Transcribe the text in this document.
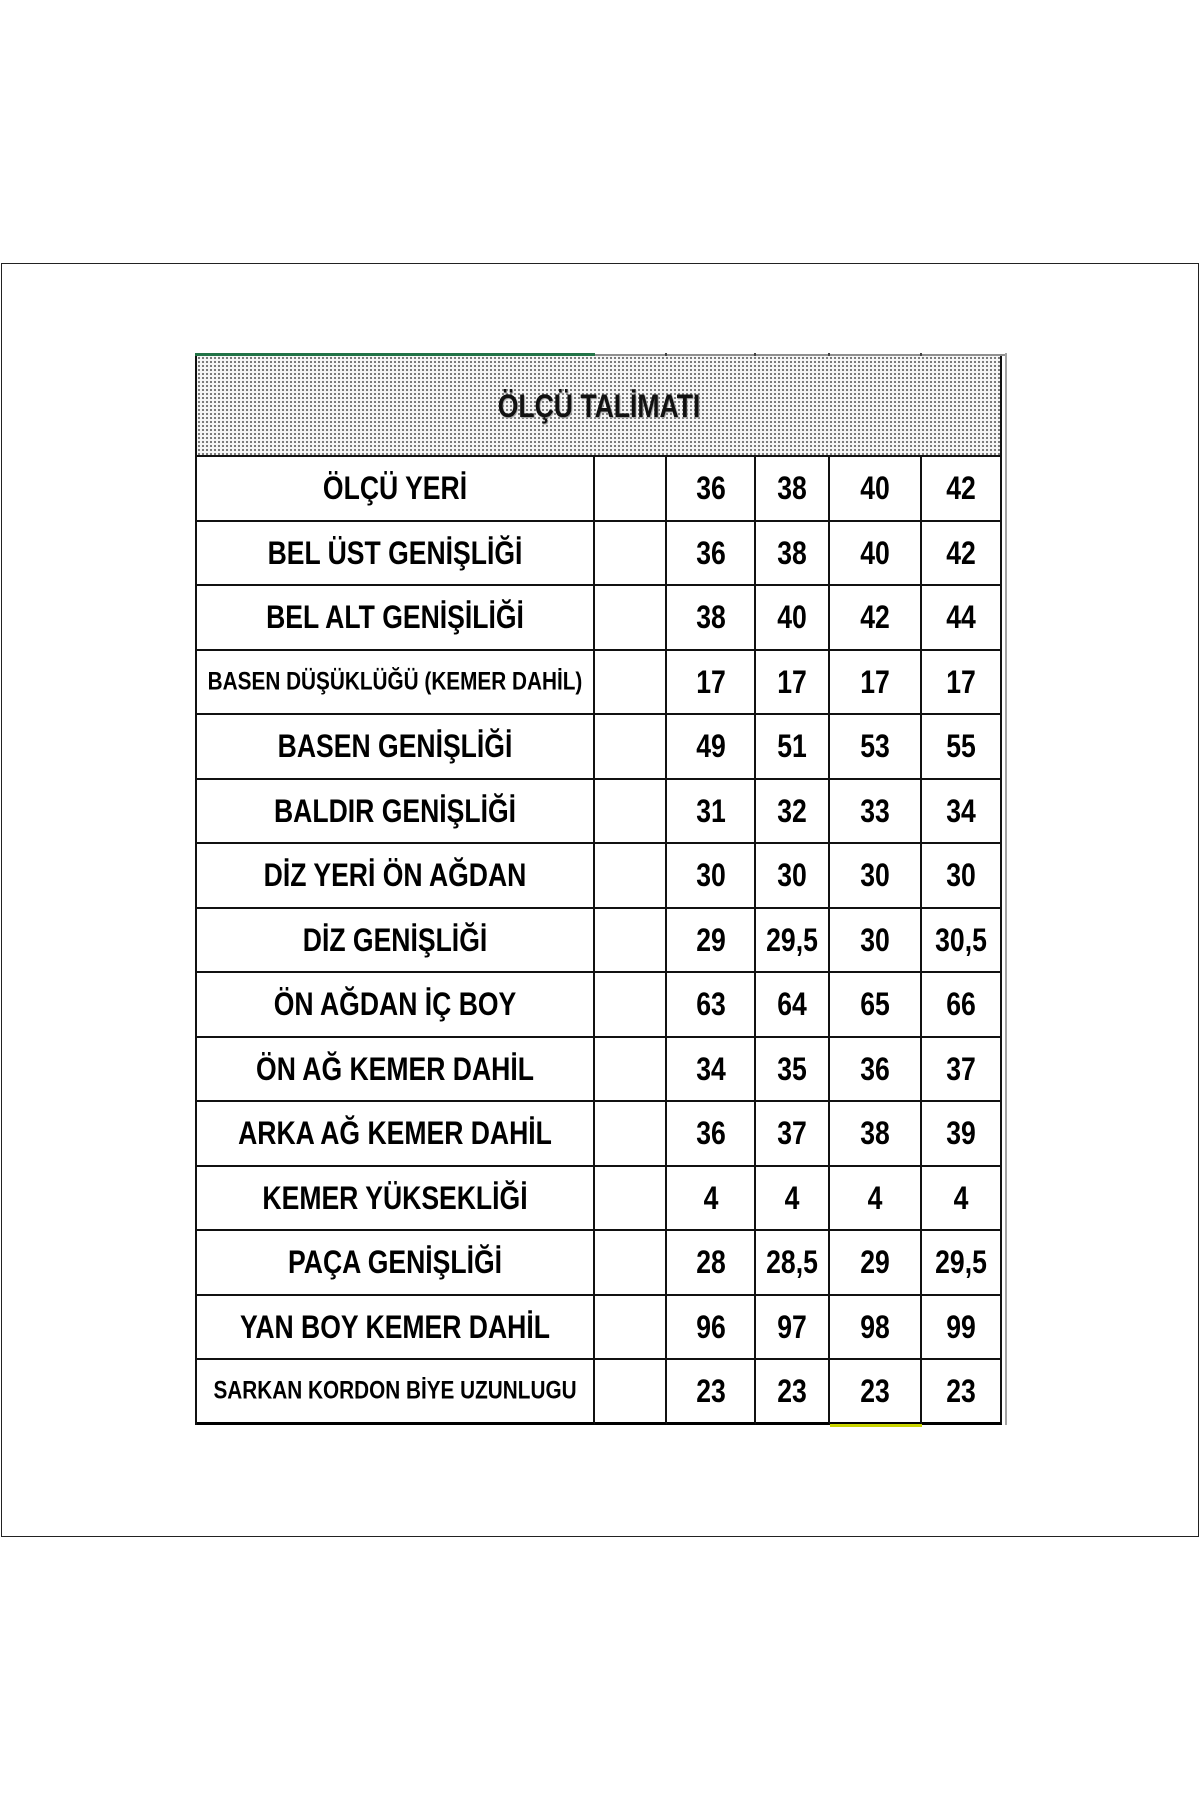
ÖLÇÜ TALİMATI
ÖLÇÜ YERİ	36 38 40 42
BEL ÜST GENİŞLİĞİ	36 38 40 42
BEL ALT GENİŞİLİĞİ	38 40 42 44
BASEN DÜŞÜKLÜĞÜ (KEMER DAHİL)	17 17 17 17
BASEN GENİŞLİĞİ	49 51 53 55
BALDIR GENİŞLİĞİ	31 32 33 34
DİZ YERİ ÖN AĞDAN	30 30 30 30
DİZ GENİŞLİĞİ	29 29,5 30 30,5
ÖN AĞDAN İÇ BOY	63 64 65 66
ÖN AĞ KEMER DAHİL	34 35 36 37
ARKA AĞ KEMER DAHİL	36 37 38 39
KEMER YÜKSEKLİĞİ	4 4 4 4
PAÇA GENİŞLİĞİ	28 28,5 29 29,5
YAN BOY KEMER DAHİL	96 97 98 99
SARKAN KORDON BİYE UZUNLUGU	23 23 23 23
